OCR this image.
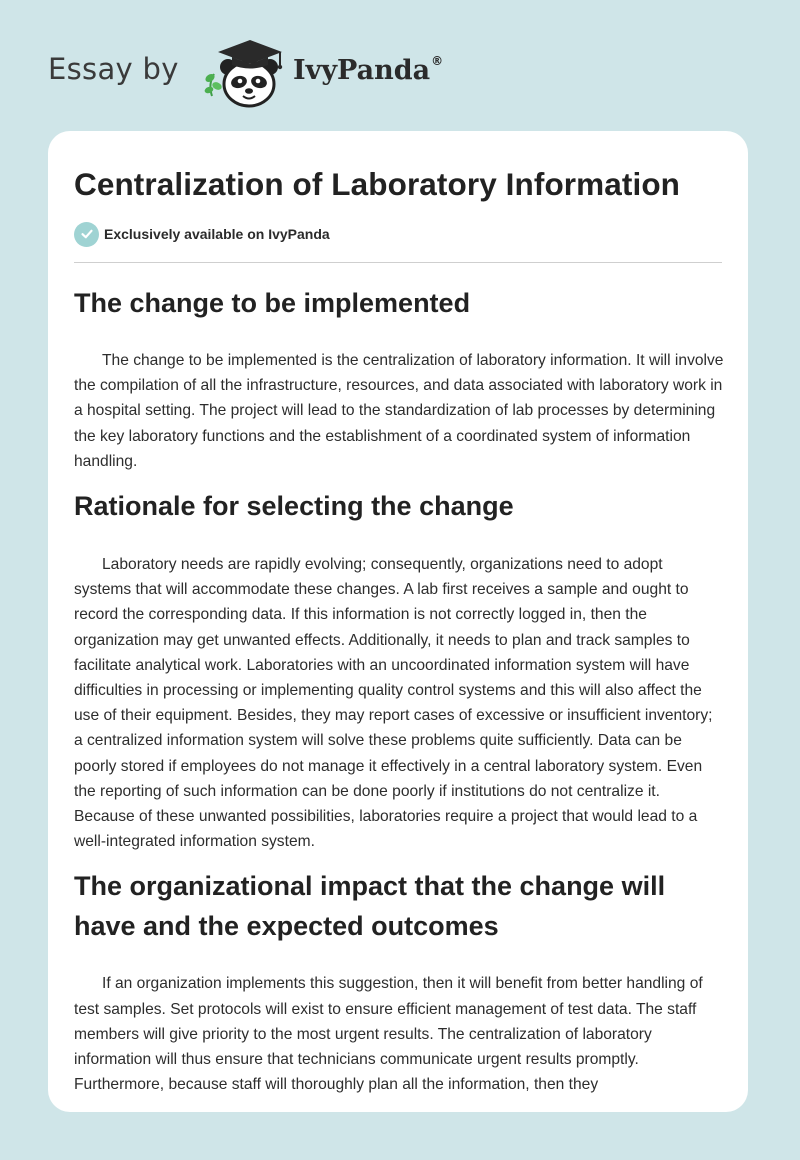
Essay by	IvyPanda®
Centralization of Laboratory Information
Exclusively available on IvyPanda
The change to be implemented

The change to be implemented is the centralization of laboratory information. It will involve the compilation of all the infrastructure, resources, and data associated with laboratory work in a hospital setting. The project will lead to the standardization of lab processes by determining the key laboratory functions and the establishment of a coordinated system of information handling.

Rationale for selecting the change

Laboratory needs are rapidly evolving; consequently, organizations need to adopt systems that will accommodate these changes. A lab first receives a sample and ought to record the corresponding data. If this information is not correctly logged in, then the organization may get unwanted effects. Additionally, it needs to plan and track samples to facilitate analytical work. Laboratories with an uncoordinated information system will have difficulties in processing or implementing quality control systems and this will also affect the use of their equipment. Besides, they may report cases of excessive or insufficient inventory; a centralized information system will solve these problems quite sufficiently. Data can be poorly stored if employees do not manage it effectively in a central laboratory system. Even the reporting of such information can be done poorly if institutions do not centralize it. Because of these unwanted possibilities, laboratories require a project that would lead to a well-integrated information system.

The organizational impact that the change will have and the expected outcomes

If an organization implements this suggestion, then it will benefit from better handling of test samples. Set protocols will exist to ensure efficient management of test data. The staff members will give priority to the most urgent results. The centralization of laboratory information will thus ensure that technicians communicate urgent results promptly. Furthermore, because staff will thoroughly plan all the information, then they
